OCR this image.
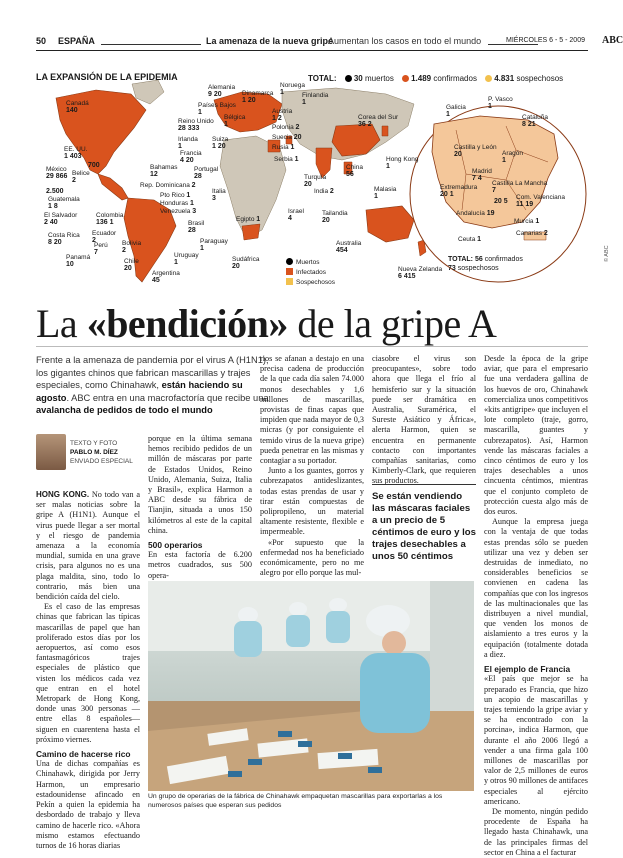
50 ESPAÑA	La amenaza de la nueva gripe
Aumentan los casos en todo el mundo	MIÉRCOLES 6 - 5 - 2009 ABC
LA EXPANSIÓN DE LA EPIDEMIA	TOTAL: 30 muertos 1.489 confirmados 4.831 sospechosos
Canadá
140
EE. UU.
1 403
México
29 866
700
2.500
Belice
2
Guatemala
1 8
El Salvador
2 40
Costa Rica
8 20
Panamá
10
Colombia
136 1
Ecuador
2
Perú
7
Bolivia
2
Chile
20
Argentina
45
Uruguay
1
Brasil
28
Paraguay
1
Bahamas
12
Rep. Dominicana 2
Pto Rico 1
Honduras 1
Venezuela 3
Alemania
9 20
Países Bajos
1
Reino Unido
28 333
Irlanda
1
Francia
4 20
Portugal
28
Bélgica
1
Suiza
1 20
Italia
3
Austria
1 2
Polonia 2
Dinamarca
1 20
Noruega
1	Finlandia
1
Suecia 20
Rusia 1
Serbia 1
Turquía
20
Israel
4
Egipto 1
Sudáfrica
20
China
56
Hong Kong
1
Corea del Sur
36 2
Tailandia
20
Malasia
1
India 2
Australia
454
Nueva Zelanda
6 415
Galicia
1
P. Vasco
1
Cataluña
8 21
Castilla y León
20	Aragón
1
Madrid
7 4
Castilla La Mancha
7
Extremadura
20 1
20 5
Andalucía 19
Com. Valenciana
11 19
Murcia 1
Canarias 2
Ceuta 1
TOTAL: 56 confirmados
73 sospechosos
Muertos
Infectados
Sospechosos
© ABC
La «bendición» de la gripe A
Frente a la amenaza de pandemia por el virus A (H1N1), los gigantes chinos que fabrican mascarillas y trajes especiales, como Chinahawk, están haciendo su agosto. ABC entra en una macrofactoría que recibe una avalancha de pedidos de todo el mundo
TEXTO Y FOTO
PABLO M. DÍEZ
ENVIADO ESPECIAL

HONG KONG. No todo van a ser malas noticias sobre la gripe A (H1N1). Aunque el virus puede llegar a ser mortal y el riesgo de pandemia amenaza a la economía mundial, sumida en una grave crisis, para algunos no es una plaga maldita, sino, todo lo contrario, más bien una bendición caída del cielo.

Es el caso de las empresas chinas que fabrican las típicas mascarillas de papel que han proliferado estos días por los aeropuertos, así como esos fantasmagóricos trajes especiales de plástico que visten los médicos cada vez que entran en el hotel Metropark de Hong Kong, donde unas 300 personas —entre ellas 8 españoles— siguen en cuarentena hasta el próximo viernes.

Camino de hacerse rico

Una de dichas compañías es Chinahawk, dirigida por Jerry Harmon, un empresario estadounidense afincado en Pekín a quien la epidemia ha desbordado de trabajo y lleva camino de hacerle rico. «Ahora mismo estamos efectuando turnos de 16 horas diarias

porque en la última semana hemos recibido pedidos de un millón de máscaras por parte de Estados Unidos, Reino Unido, Alemania, Suiza, Italia y Brasil», explica Harmon a ABC desde su fábrica de Tianjin, situada a unos 150 kilómetros al este de la capital china.

500 operarios

En esta factoría de 6.200 metros cuadrados, sus 500 opera-

rios se afanan a destajo en una precisa cadena de producción de la que cada día salen 74.000 monos desechables y 1,6 millones de mascarillas, provistas de finas capas que impiden que nada mayor de 0,3 micras (y por consiguiente el temido virus de la nueva gripe) pueda penetrar en las mismas y contagiar a su portador.

Junto a los guantes, gorros y cubrezapatos antideslizantes, todas estas prendas de usar y tirar están compuestas de polipropileno, un material altamente resistente, flexible e impermeable.

«Por supuesto que la enfermedad nos ha beneficiado económicamente, pero no me alegro por ello porque las mul-

ciasobre el virus son preocupantes», sobre todo ahora que llega el frío al hemisferio sur y la situación puede ser dramática en Australia, Suramérica, el Sureste Asiático y África», alerta Harmon, quien se encuentra en permanente contacto con importantes compañías sanitarias, como Kimberly-Clark, que requieren sus productos.

Se están vendiendo las máscaras faciales a un precio de 5 céntimos de euro y los trajes desechables a unos 50 céntimos

Desde la época de la gripe aviar, que para el empresario fue una verdadera gallina de los huevos de oro, Chinahawk comercializa unos competitivos «kits antigripe» que incluyen el lote completo (traje, gorro, mascarilla, guantes y cubrezapatos). Así, Harmon vende las máscaras faciales a cinco céntimos de euro y los trajes desechables a unos cincuenta céntimos, mientras que el conjunto completo de protección cuesta algo más de dos euros.

Aunque la empresa juega con la ventaja de que todas estas prendas sólo se pueden utilizar una vez y deben ser destruidas de inmediato, no considerables beneficios se convienen en cadena las compañías que con los ingresos de las multinacionales que las distribuyen a nivel mundial, que venden los monos de aislamiento a tres euros y la equipación (totalmente dotada a diez.

El ejemplo de Francia

«El país que mejor se ha preparado es Francia, que hizo un acopio de mascarillas y trajes temiendo la gripe aviar y se ha encontrado con la porcina», indica Harmon, que durante el año 2006 llegó a vender a una firma gala 100 millones de mascarillas por valor de 2,5 millones de euros y otros 90 millones de antifaces especiales al ejército americano.

De momento, ningún pedido procedente de España ha llegado hasta Chinahawk, una de las principales firmas del sector en China a el facturar

Un grupo de operarias de la fábrica de Chinahawk empaquetan mascarillas para exportarlas a los numerosos países que esperan sus pedidos
